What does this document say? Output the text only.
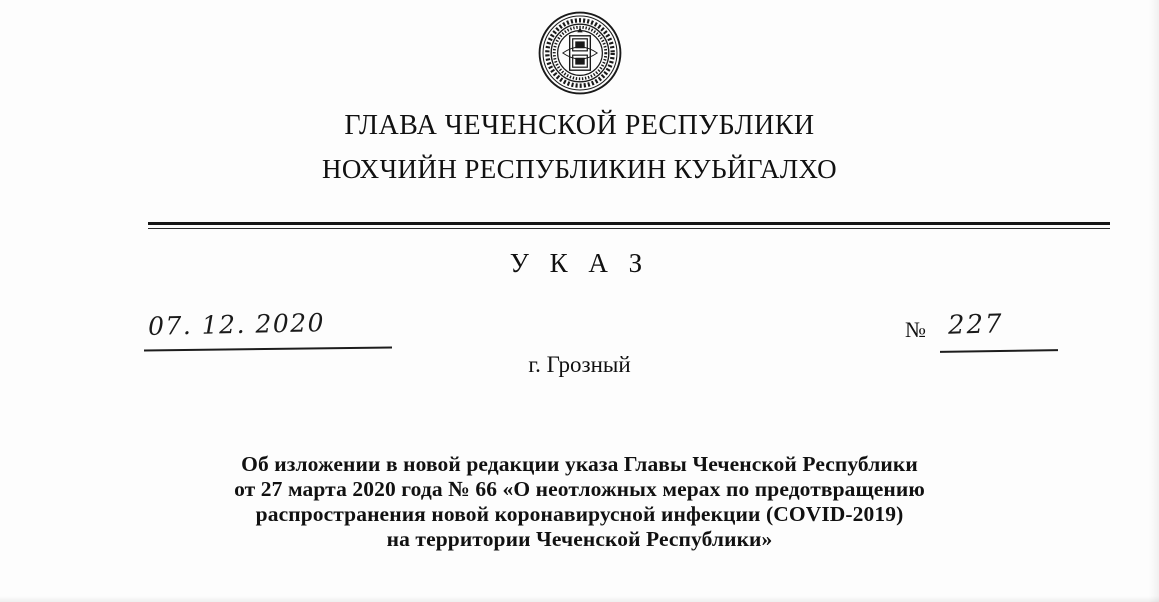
ГЛАВА ЧЕЧЕНСКОЙ РЕСПУБЛИКИ
НОХЧИЙН РЕСПУБЛИКИН КУЬЙГАЛХО
У К А З
07. 12. 2020	№ 227
г. Грозный
Об изложении в новой редакции указа Главы Чеченской Республики
от 27 марта 2020 года № 66 «О неотложных мерах по предотвращению
распространения новой коронавирусной инфекции (COVID-2019)
на территории Чеченской Республики»
